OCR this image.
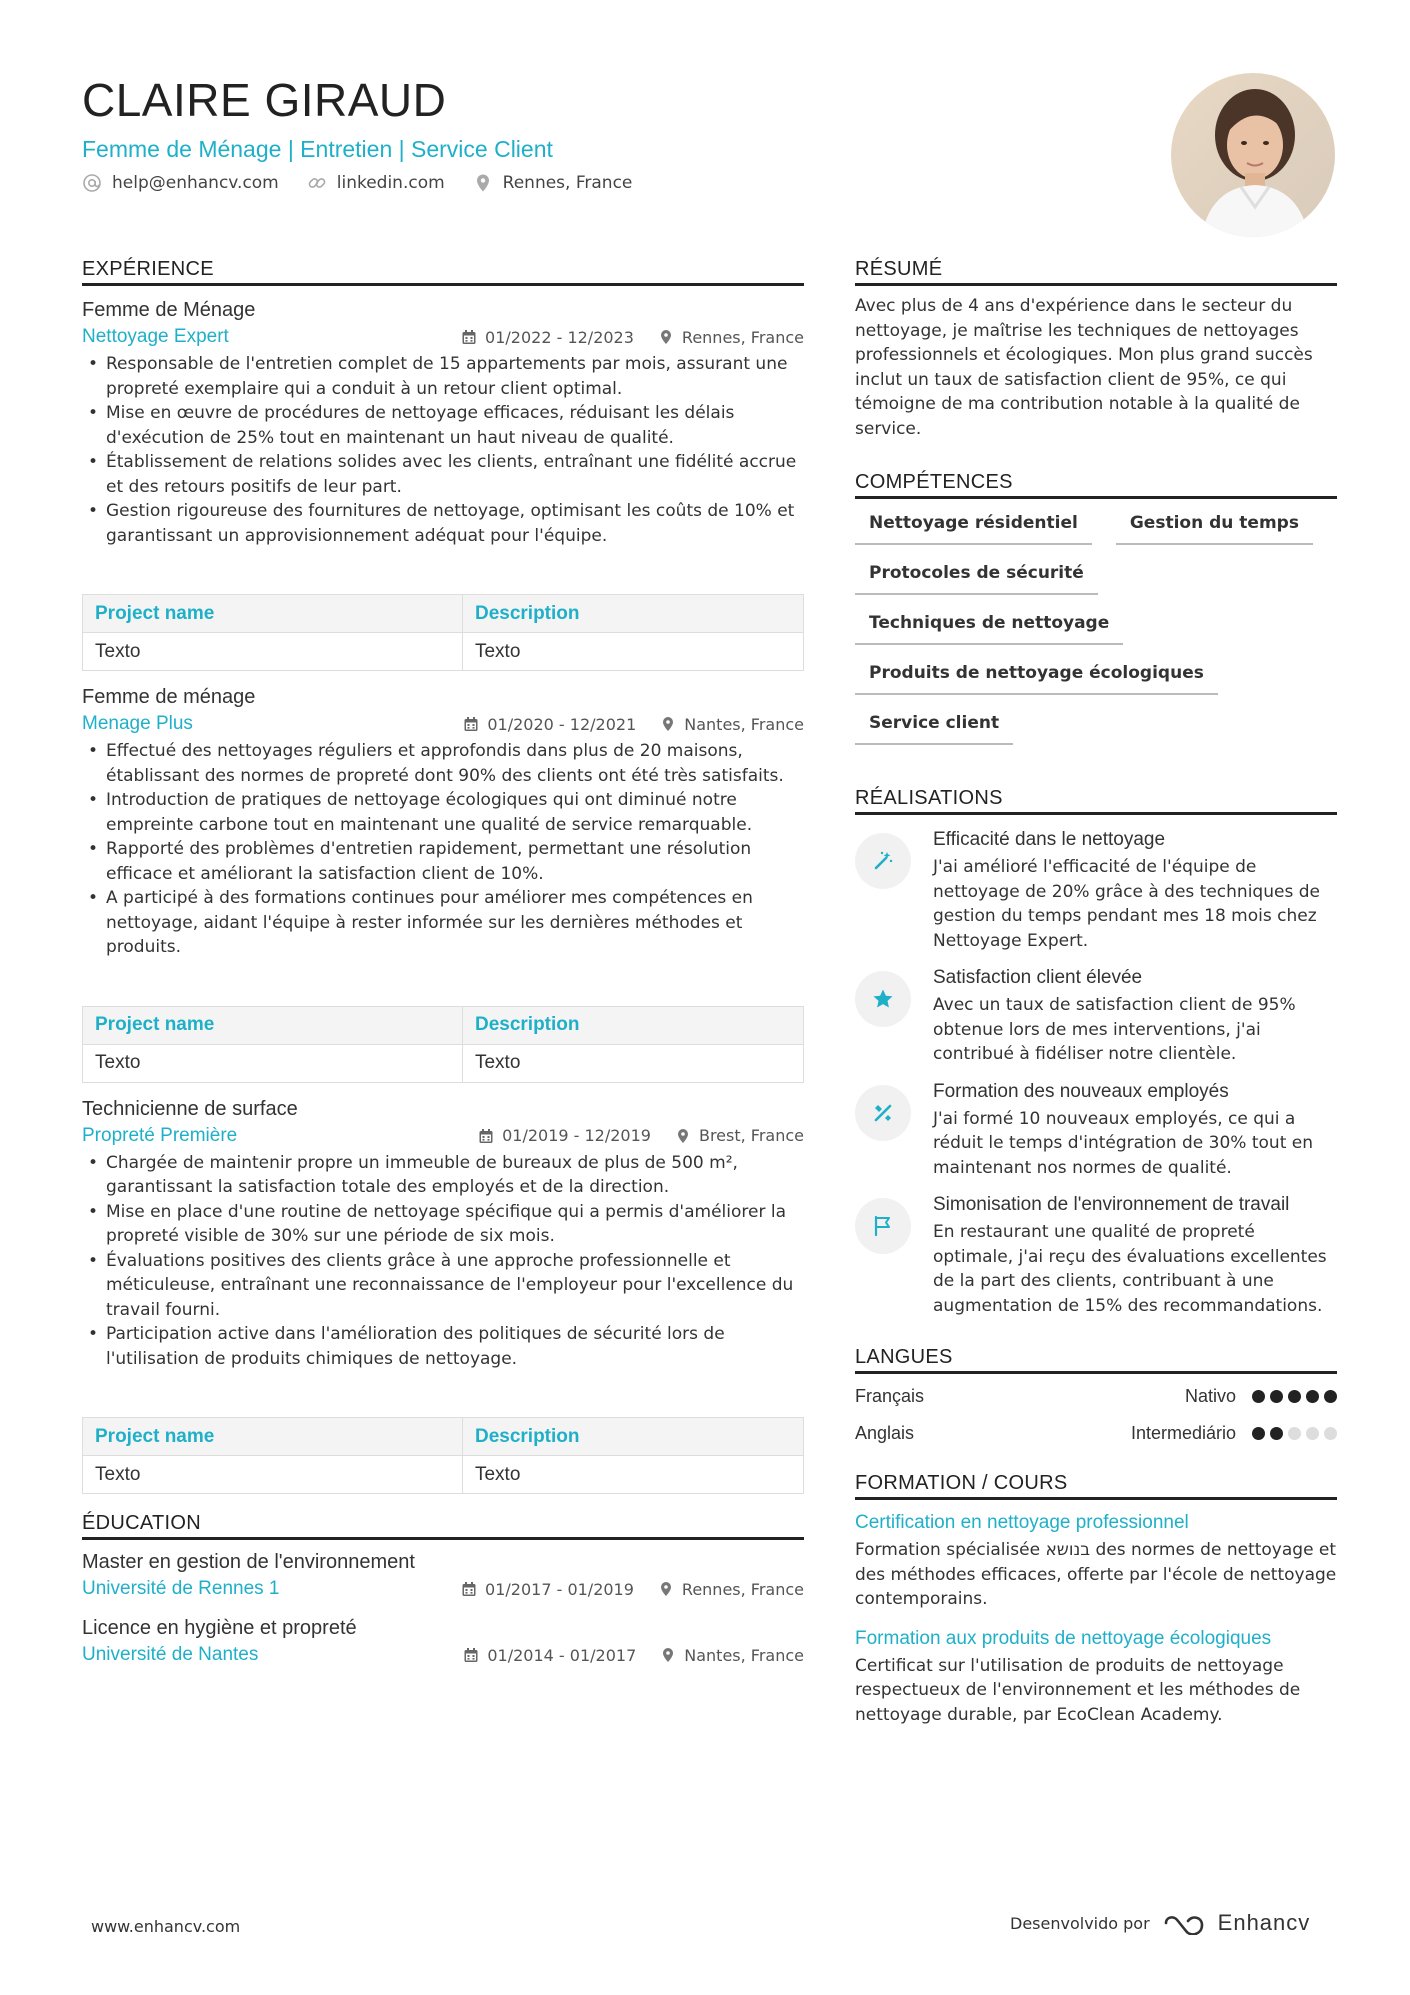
CLAIRE GIRAUD
Femme de Ménage | Entretien | Service Client
help@enhancv.com	linkedin.com	Rennes, France
EXPÉRIENCE
Femme de Ménage
Nettoyage Expert	01/2022 - 12/2023	Rennes, France
• Responsable de l'entretien complet de 15 appartements par mois, assurant une propreté exemplaire qui a conduit à un retour client optimal.
• Mise en œuvre de procédures de nettoyage efficaces, réduisant les délais d'exécution de 25% tout en maintenant un haut niveau de qualité.
• Établissement de relations solides avec les clients, entraînant une fidélité accrue et des retours positifs de leur part.
• Gestion rigoureuse des fournitures de nettoyage, optimisant les coûts de 10% et garantissant un approvisionnement adéquat pour l'équipe.
Project name	Description
Texto	Texto
Femme de ménage
Menage Plus	01/2020 - 12/2021	Nantes, France
• Effectué des nettoyages réguliers et approfondis dans plus de 20 maisons, établissant des normes de propreté dont 90% des clients ont été très satisfaits.
• Introduction de pratiques de nettoyage écologiques qui ont diminué notre empreinte carbone tout en maintenant une qualité de service remarquable.
• Rapporté des problèmes d'entretien rapidement, permettant une résolution efficace et améliorant la satisfaction client de 10%.
• A participé à des formations continues pour améliorer mes compétences en nettoyage, aidant l'équipe à rester informée sur les dernières méthodes et produits.
Project name	Description
Texto	Texto
Technicienne de surface
Propreté Première	01/2019 - 12/2019	Brest, France
• Chargée de maintenir propre un immeuble de bureaux de plus de 500 m², garantissant la satisfaction totale des employés et de la direction.
• Mise en place d'une routine de nettoyage spécifique qui a permis d'améliorer la propreté visible de 30% sur une période de six mois.
• Évaluations positives des clients grâce à une approche professionnelle et méticuleuse, entraînant une reconnaissance de l'employeur pour l'excellence du travail fourni.
• Participation active dans l'amélioration des politiques de sécurité lors de l'utilisation de produits chimiques de nettoyage.
Project name	Description
Texto	Texto
ÉDUCATION
Master en gestion de l'environnement
Université de Rennes 1	01/2017 - 01/2019	Rennes, France
Licence en hygiène et propreté
Université de Nantes	01/2014 - 01/2017	Nantes, France
RÉSUMÉ
Avec plus de 4 ans d'expérience dans le secteur du nettoyage, je maîtrise les techniques de nettoyages professionnels et écologiques. Mon plus grand succès inclut un taux de satisfaction client de 95%, ce qui témoigne de ma contribution notable à la qualité de service.
COMPÉTENCES
Nettoyage résidentiel	Gestion du temps
Protocoles de sécurité
Techniques de nettoyage
Produits de nettoyage écologiques
Service client
RÉALISATIONS
Efficacité dans le nettoyage
J'ai amélioré l'efficacité de l'équipe de nettoyage de 20% grâce à des techniques de gestion du temps pendant mes 18 mois chez Nettoyage Expert.
Satisfaction client élevée
Avec un taux de satisfaction client de 95% obtenue lors de mes interventions, j'ai contribué à fidéliser notre clientèle.
Formation des nouveaux employés
J'ai formé 10 nouveaux employés, ce qui a réduit le temps d'intégration de 30% tout en maintenant nos normes de qualité.
Simonisation de l'environnement de travail
En restaurant une qualité de propreté optimale, j'ai reçu des évaluations excellentes de la part des clients, contribuant à une augmentation de 15% des recommandations.
LANGUES
Français	Nativo
Anglais	Intermediário
FORMATION / COURS
Certification en nettoyage professionnel
Formation spécialisée בנושא des normes de nettoyage et des méthodes efficaces, offerte par l'école de nettoyage contemporains.
Formation aux produits de nettoyage écologiques
Certificat sur l'utilisation de produits de nettoyage respectueux de l'environnement et les méthodes de nettoyage durable, par EcoClean Academy.
www.enhancv.com	Desenvolvido por	Enhancv
